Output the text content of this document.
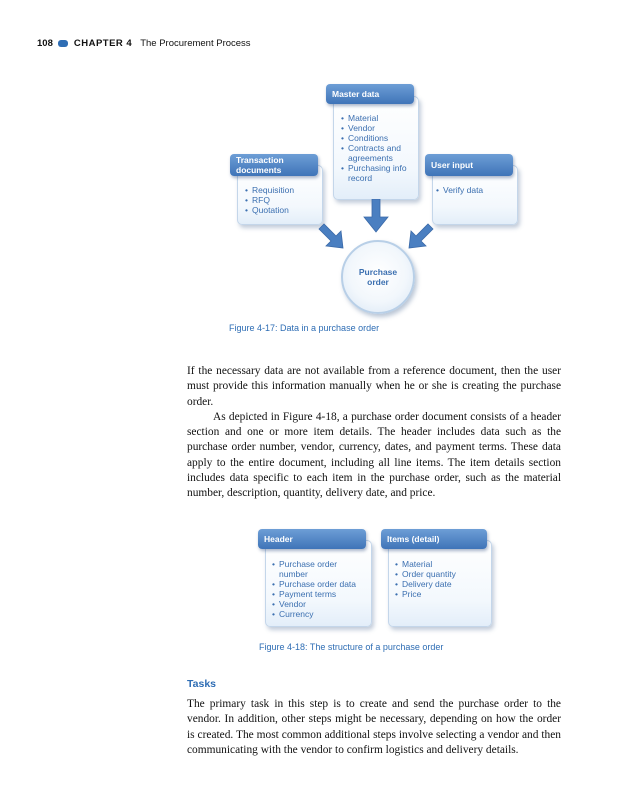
108 CHAPTER 4 The Procurement Process
Master data
• Material
• Vendor
• Conditions
• Contracts and agreements
• Purchasing info record
Transaction documents
• Requisition
• RFQ
• Quotation
User input
• Verify data
Purchase order
Figure 4-17: Data in a purchase order

If the necessary data are not available from a reference document, then the user must provide this information manually when he or she is creating the purchase order.

As depicted in Figure 4-18, a purchase order document consists of a header section and one or more item details. The header includes data such as the purchase order number, vendor, currency, dates, and payment terms. These data apply to the entire document, including all line items. The item details section includes data specific to each item in the purchase order, such as the material number, description, quantity, delivery date, and price.

Header
• Purchase order number
• Purchase order data
• Payment terms
• Vendor
• Currency
Items (detail)
• Material
• Order quantity
• Delivery date
• Price
Figure 4-18: The structure of a purchase order
Tasks

The primary task in this step is to create and send the purchase order to the vendor. In addition, other steps might be necessary, depending on how the order is created. The most common additional steps involve selecting a vendor and then communicating with the vendor to confirm logistics and delivery details.
